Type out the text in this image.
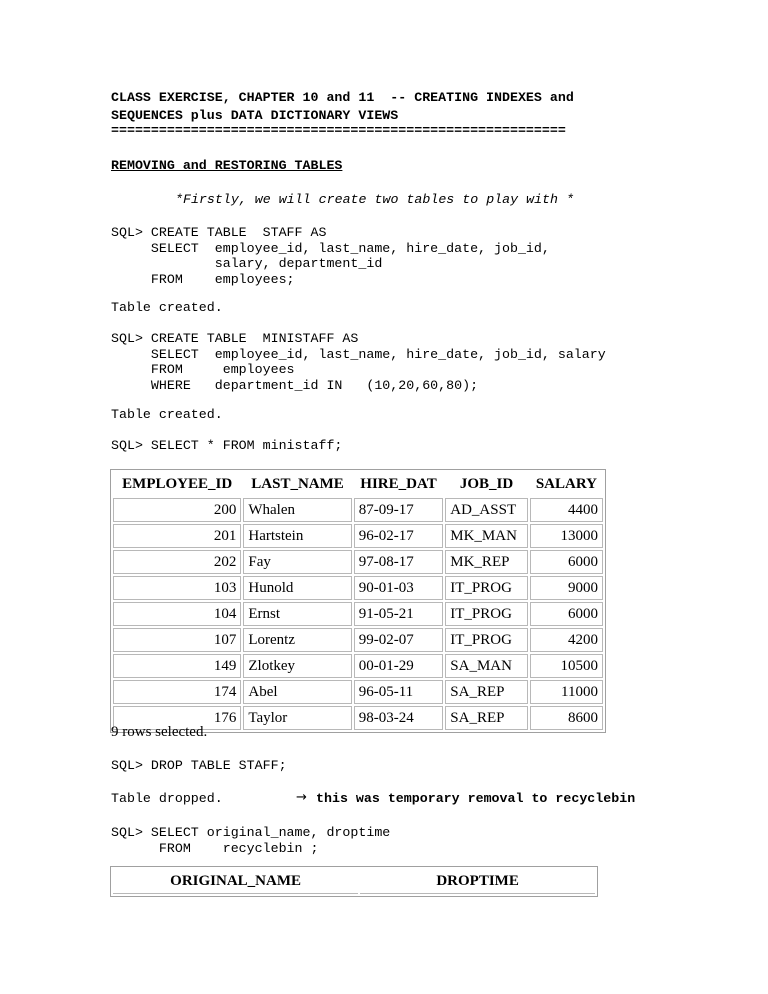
CLASS EXERCISE, CHAPTER 10 and 11  -- CREATING INDEXES and
SEQUENCES plus DATA DICTIONARY VIEWS
=========================================================
REMOVING and RESTORING TABLES
*Firstly, we will create two tables to play with *
SQL> CREATE TABLE  STAFF AS
SELECT  employee_id, last_name, hire_date, job_id,
salary, department_id
FROM    employees;
Table created.
SQL> CREATE TABLE  MINISTAFF AS
SELECT  employee_id, last_name, hire_date, job_id, salary
FROM     employees
WHERE   department_id IN   (10,20,60,80);
Table created.
SQL> SELECT * FROM ministaff;
EMPLOYEE_ID	LAST_NAME	HIRE_DAT	JOB_ID	SALARY
200	Whalen	87-09-17	AD_ASST	4400
201	Hartstein	96-02-17	MK_MAN	13000
202	Fay	97-08-17	MK_REP	6000
103	Hunold	90-01-03	IT_PROG	9000
104	Ernst	91-05-21	IT_PROG	6000
107	Lorentz	99-02-07	IT_PROG	4200
149	Zlotkey	00-01-29	SA_MAN	10500
174	Abel	96-05-11	SA_REP	11000
176	Taylor	98-03-24	SA_REP	8600
9 rows selected.
SQL> DROP TABLE STAFF;
Table dropped.	→ this was temporary removal to recyclebin
SQL> SELECT original_name, droptime
FROM    recyclebin ;
ORIGINAL_NAME	DROPTIME
